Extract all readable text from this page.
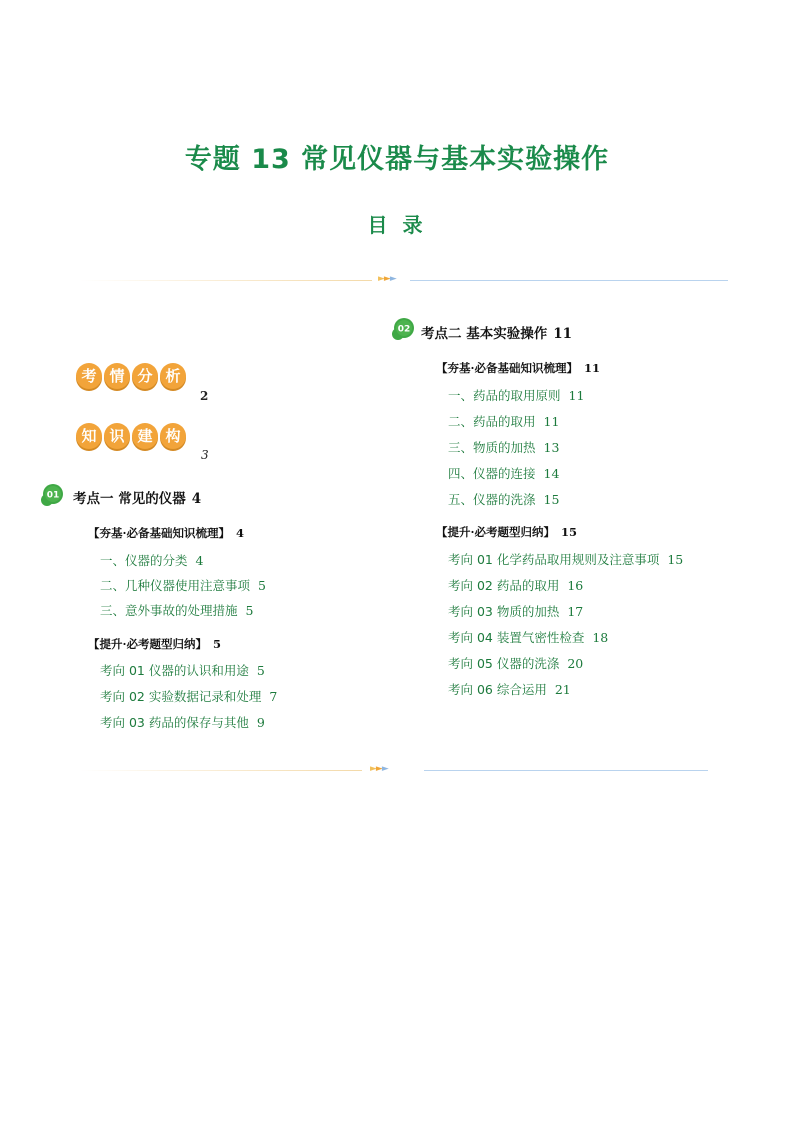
专题 13 常见仪器与基本实验操作
目 录
►►►
►►►
考 情 分 析
2
知 识 建 构
3
01 考点一 常见的仪器 4
【夯基·必备基础知识梳理】 4
一、仪器的分类 4
二、几种仪器使用注意事项 5
三、意外事故的处理措施 5
【提升·必考题型归纳】 5
考向 01 仪器的认识和用途 5
考向 02 实验数据记录和处理 7
考向 03 药品的保存与其他 9
02 考点二 基本实验操作 11
【夯基·必备基础知识梳理】 11
一、药品的取用原则 11
二、药品的取用 11
三、物质的加热 13
四、仪器的连接 14
五、仪器的洗涤 15
【提升·必考题型归纳】 15
考向 01 化学药品取用规则及注意事项 15
考向 02 药品的取用 16
考向 03 物质的加热 17
考向 04 装置气密性检查 18
考向 05 仪器的洗涤 20
考向 06 综合运用 21
